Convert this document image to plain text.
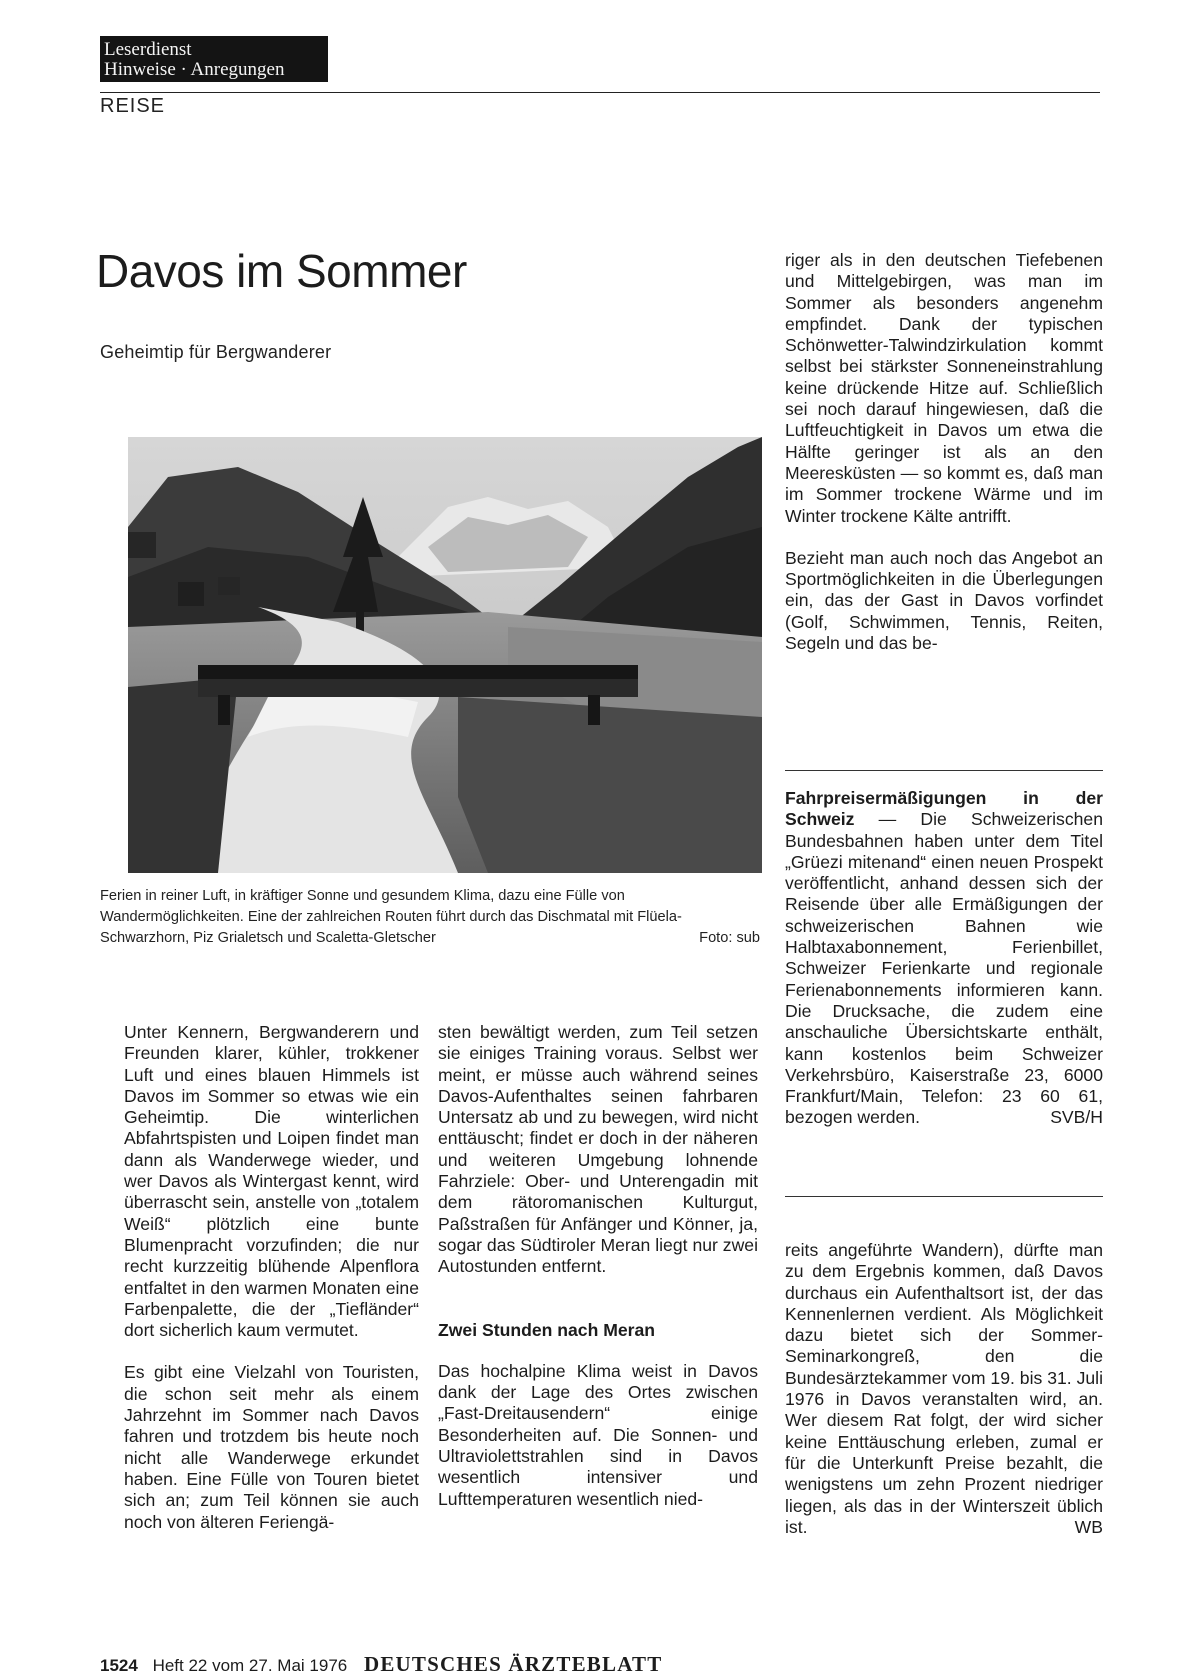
Leserdienst
Hinweise · Anregungen
REISE
Davos im Sommer
Geheimtip für Bergwanderer
Ferien in reiner Luft, in kräftiger Sonne und gesundem Klima, dazu eine Fülle von Wandermöglichkeiten. Eine der zahlreichen Routen führt durch das Dischmatal mit Flüela-Schwarzhorn, Piz Grialetsch und Scaletta-Gletscher	Foto: sub

Unter Kennern, Bergwanderern und Freunden klarer, kühler, trokkener Luft und eines blauen Himmels ist Davos im Sommer so etwas wie ein Geheimtip. Die winterlichen Abfahrtspisten und Loipen findet man dann als Wanderwege wieder, und wer Davos als Wintergast kennt, wird überrascht sein, anstelle von „totalem Weiß“ plötzlich eine bunte Blumenpracht vorzufinden; die nur recht kurzzeitig blühende Alpenflora entfaltet in den warmen Monaten eine Farbenpalette, die der „Tiefländer“ dort sicherlich kaum vermutet.

Es gibt eine Vielzahl von Touristen, die schon seit mehr als einem Jahrzehnt im Sommer nach Davos fahren und trotzdem bis heute noch nicht alle Wanderwege erkundet haben. Eine Fülle von Touren bietet sich an; zum Teil können sie auch noch von älteren Feriengä-

sten bewältigt werden, zum Teil setzen sie einiges Training voraus. Selbst wer meint, er müsse auch während seines Davos-Aufenthaltes seinen fahrbaren Untersatz ab und zu bewegen, wird nicht enttäuscht; findet er doch in der näheren und weiteren Umgebung lohnende Fahrziele: Ober- und Unterengadin mit dem rätoromanischen Kulturgut, Paßstraßen für Anfänger und Könner, ja, sogar das Südtiroler Meran liegt nur zwei Autostunden entfernt.

Zwei Stunden nach Meran

Das hochalpine Klima weist in Davos dank der Lage des Ortes zwischen „Fast-Dreitausendern“ einige Besonderheiten auf. Die Sonnen- und Ultraviolettstrahlen sind in Davos wesentlich intensiver und Lufttemperaturen wesentlich nied-

riger als in den deutschen Tiefebenen und Mittelgebirgen, was man im Sommer als besonders angenehm empfindet. Dank der typischen Schönwetter-Talwindzirkulation kommt selbst bei stärkster Sonneneinstrahlung keine drückende Hitze auf. Schließlich sei noch darauf hingewiesen, daß die Luftfeuchtigkeit in Davos um etwa die Hälfte geringer ist als an den Meeresküsten — so kommt es, daß man im Sommer trockene Wärme und im Winter trockene Kälte antrifft.

Bezieht man auch noch das Angebot an Sportmöglichkeiten in die Überlegungen ein, das der Gast in Davos vorfindet (Golf, Schwimmen, Tennis, Reiten, Segeln und das be-

Fahrpreisermäßigungen in der Schweiz — Die Schweizerischen Bundesbahnen haben unter dem Titel „Grüezi mitenand“ einen neuen Prospekt veröffentlicht, anhand dessen sich der Reisende über alle Ermäßigungen der schweizerischen Bahnen wie Halbtaxabonnement, Ferienbillet, Schweizer Ferienkarte und regionale Ferienabonnements informieren kann. Die Drucksache, die zudem eine anschauliche Übersichtskarte enthält, kann kostenlos beim Schweizer Verkehrsbüro, Kaiserstraße 23, 6000 Frankfurt/Main, Telefon: 23 60 61, bezogen werden.	SVB/H

reits angeführte Wandern), dürfte man zu dem Ergebnis kommen, daß Davos durchaus ein Aufenthaltsort ist, der das Kennenlernen verdient. Als Möglichkeit dazu bietet sich der Sommer-Seminarkongreß, den die Bundesärztekammer vom 19. bis 31. Juli 1976 in Davos veranstalten wird, an. Wer diesem Rat folgt, der wird sicher keine Enttäuschung erleben, zumal er für die Unterkunft Preise bezahlt, die wenigstens um zehn Prozent niedriger liegen, als das in der Winterszeit üblich ist.	WB

1524 Heft 22 vom 27. Mai 1976 DEUTSCHES ÄRZTEBLATT
